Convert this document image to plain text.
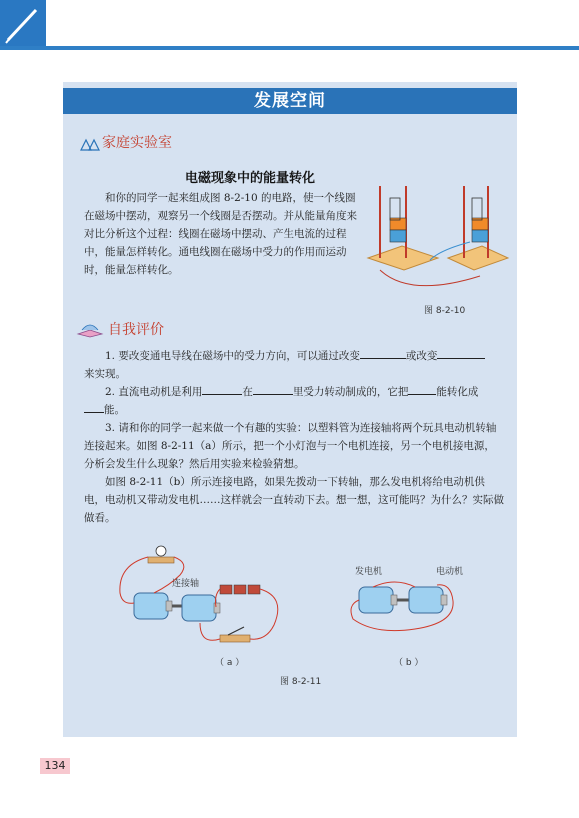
发展空间
家庭实验室
电磁现象中的能量转化

和你的同学一起来组成图 8-2-10 的电路，使一个线圈在磁场中摆动，观察另一个线圈是否摆动。并从能量角度来对比分析这个过程：线圈在磁场中摆动、产生电流的过程中，能量怎样转化。通电线圈在磁场中受力的作用而运动时，能量怎样转化。

图 8-2-10
自我评价
1. 要改变通电导线在磁场中的受力方向，可以通过改变	或改变
来实现。
2. 直流电动机是利用	在	里受力转动制成的，它把	能转化成
能。

3. 请和你的同学一起来做一个有趣的实验：以塑料管为连接轴将两个玩具电动机转轴连接起来。如图 8-2-11（a）所示，把一个小灯泡与一个电机连接，另一个电机接电源，分析会发生什么现象？然后用实验来检验猜想。

如图 8-2-11（b）所示连接电路，如果先拨动一下转轴，那么发电机将给电动机供电，电动机又带动发电机……这样就会一直转动下去。想一想，这可能吗？为什么？实际做做看。

连接轴
（ a ）
发电机	电动机
（ b ）
图 8-2-11
134
